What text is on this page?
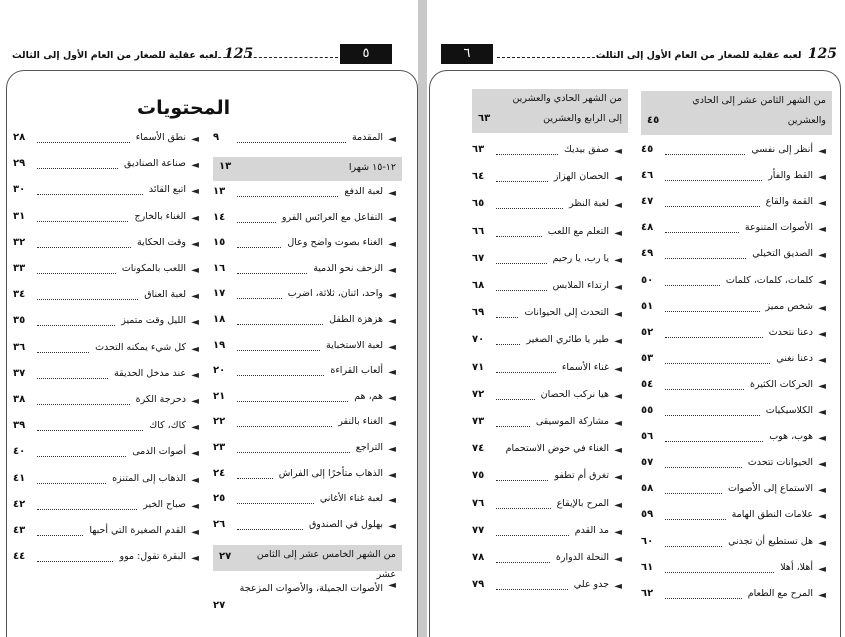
125 لعبه عقلية للصغار من العام الأول إلى الثالث	٥
المحتويات
◄
المقدمة
٩
١٢-١٥ شهرا
١٣
◄
لعبة الدفع
١٣
◄
التفاعل مع العرائس الفرو
١٤
◄
الغناء بصوت واضح وعال
١٥
◄
الزحف نحو الدمية
١٦
◄
واحد، اثنان، ثلاثة، اضرب
١٧
◄
هزهزة الطفل
١٨
◄
لعبة الاستخباية
١٩
◄
ألعاب القراءة
٢٠
◄
هم، هم
٢١
◄
الغناء بالنقر
٢٢
◄
التراجع
٢٣
◄
الذهاب متأخرًا إلى الفراش
٢٤
◄
لعبة غناء الأغاني
٢٥
◄
بهلول في الصندوق
٢٦
من الشهر الخامس عشر إلى الثامن عشر
٢٧
◄
الأصوات الجميلة، والأصوات المزعجة
٢٧
◄
نطق الأسماء
٢٨
◄
صناعة الصناديق
٢٩
◄
اتبع القائد
٣٠
◄
الغناء بالخارج
٣١
◄
وقت الحكاية
٣٢
◄
اللعب بالمكونات
٣٣
◄
لعبة العناق
٣٤
◄
الليل وقت متميز
٣٥
◄
كل شيء يمكنه التحدث
٣٦
◄
عند مدخل الحديقة
٣٧
◄
دحرجة الكرة
٣٨
◄
كاك، كاك
٣٩
◄
أصوات الدمى
٤٠
◄
الذهاب إلى المتنزه
٤١
◄
صباح الخير
٤٢
◄
القدم الصغيرة التي أحبها
٤٣
◄
البقرة تقول: موو
٤٤
٦	125 لعبه عقلية للصغار من العام الأول إلى الثالث
من الشهر الثامن عشر إلى الحادي والعشرين
٤٥
◄
أنظر إلى نفسي
٤٥
◄
القط والفأر
٤٦
◄
القمة والقاع
٤٧
◄
الأصوات المتنوعة
٤٨
◄
الصديق التخيلي
٤٩
◄
كلمات، كلمات، كلمات
٥٠
◄
شخص مميز
٥١
◄
دعنا نتحدث
٥٢
◄
دعنا نغني
٥٣
◄
الحركات الكثيرة
٥٤
◄
الكلاسيكيات
٥٥
◄
هوب، هوب
٥٦
◄
الحيوانات تتحدث
٥٧
◄
الاستماع إلى الأصوات
٥٨
◄
علامات النطق الهامة
٥٩
◄
هل تستطيع أن تجدني
٦٠
◄
أهلا، أهلا
٦١
◄
المرح مع الطعام
٦٢
من الشهر الحادي والعشرين إلى الرابع والعشرين
٦٣
◄
صفق بيديك
٦٣
◄
الحصان الهزاز
٦٤
◄
لعبة النظر
٦٥
◄
التعلم مع اللعب
٦٦
◄
يا رب، يا رحيم
٦٧
◄
ارتداء الملابس
٦٨
◄
التحدث إلى الحيوانات
٦٩
◄
طير يا طائري الصغير
٧٠
◄
غناء الأسماء
٧١
◄
هيا نركب الحصان
٧٢
◄
مشاركة الموسيقى
٧٣
◄
الغناء في حوض الاستحمام
٧٤
◄
تغرق أم تطفو
٧٥
◄
المرح بالإيقاع
٧٦
◄
مد القدم
٧٧
◄
النحلة الدوارة
٧٨
◄
جدو علي
٧٩
